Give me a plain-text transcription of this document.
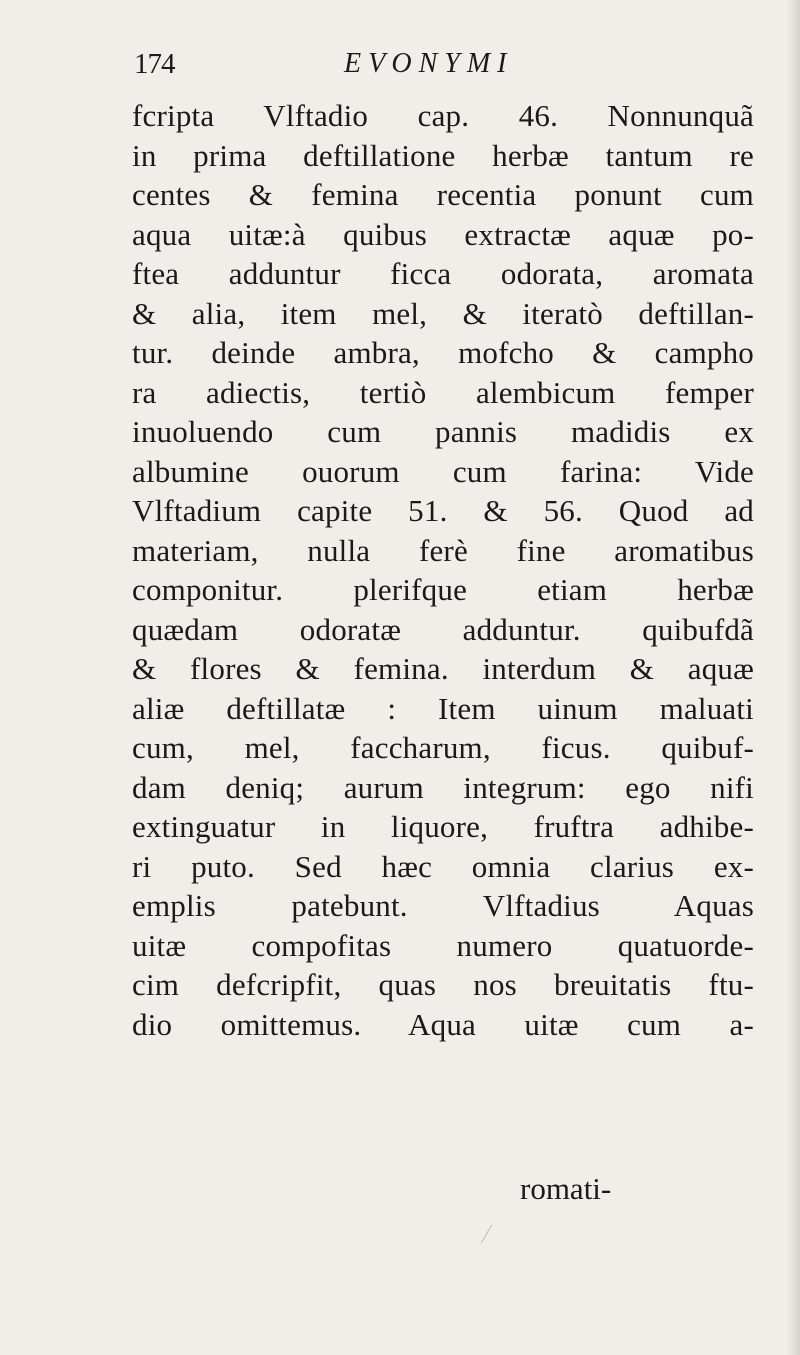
174	EVONYMI
fcripta Vlftadio cap. 46. Nonnunquã
in prima deftillatione herbæ tantum re
centes & femina recentia ponunt cum
aqua uitæ:à quibus extractæ aquæ po-
ftea adduntur ficca odorata, aromata
& alia, item mel, & iteratò deftillan-
tur. deinde ambra, mofcho & campho
ra adiectis, tertiò alembicum femper
inuoluendo cum pannis madidis ex
albumine ouorum cum farina: Vide
Vlftadium capite 51. & 56. Quod ad
materiam, nulla ferè fine aromatibus
componitur. plerifque etiam herbæ
quædam odoratæ adduntur. quibufdã
& flores & femina. interdum & aquæ
aliæ deftillatæ : Item uinum maluati
cum, mel, faccharum, ficus. quibuf-
dam deniq; aurum integrum: ego nifi
extinguatur in liquore, fruftra adhibe-
ri puto. Sed hæc omnia clarius ex-
emplis patebunt. Vlftadius Aquas
uitæ compofitas numero quatuorde-
cim defcripfit, quas nos breuitatis ftu-
dio omittemus. Aqua uitæ cum a-
romati-
